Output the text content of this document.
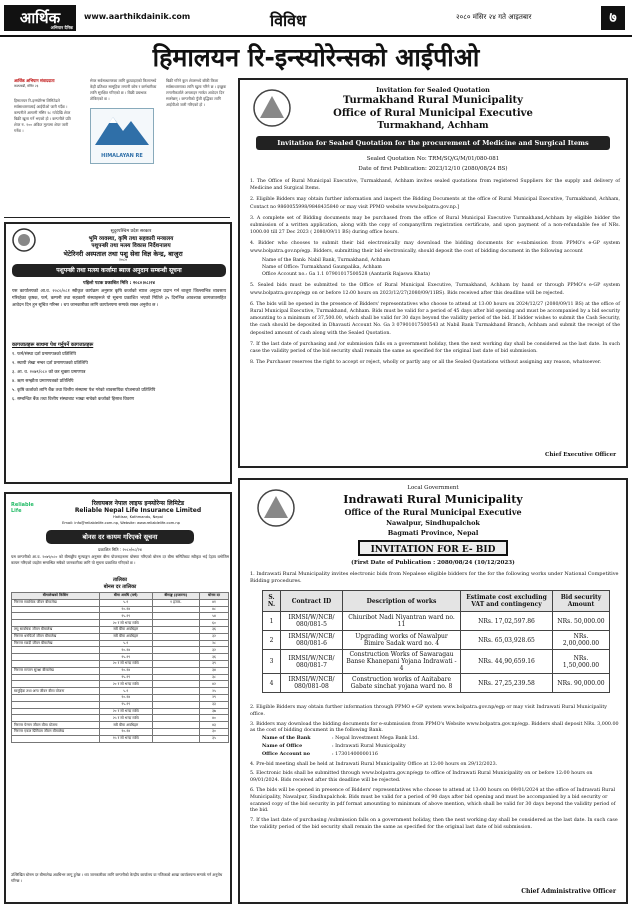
आर्थिक
अभियान दैनिक
www.aarthikdainik.com	विविध	२०८० मंसिर २४ गते आइतबार	७
हिमालयन रि-इन्स्योरेन्सको आईपीओ
आर्थिक अभियान संवाददाता
काठमाडौं, मंसिर २३
हिमालयन रि-इन्स्योरेन्स लिमिटेडले सर्वसाधारणलाई आईपीओ जारी गर्दैछ । कम्पनीले आगामी मंसिर २८ गतेदेखि शेयर बिक्री खुला गर्ने भएको हो । कम्पनीले प्रति शेयर रु. १०० अंकित मूल्यमा शेयर जारी गर्नेछ ।
सेयर सर्वसाधारणका लागि छुट्याइएको कित्तामध्ये केही प्रतिशत सामूहिक लगानी कोष र कर्मचारीका लागि सुरक्षित गरिएको छ । बिक्री प्रबन्धक तोकिएको छ ।
HIMALAYAN RE
बिक्री गरिने कुल शेयरमध्ये बाँकी कित्ता सर्वसाधारणका लागि खुला गरिने छ । इच्छुक लगानीकर्ताले अनलाइन मार्फत आवेदन दिन सक्नेछन् । कम्पनीको पुँजी वृद्धिका लागि आईपीओ जारी गरिएको हो ।
सुदुरपश्चिम प्रदेश सरकार
भूमि व्यवस्था, कृषि तथा सहकारी मन्त्रालय
पशुपन्छी तथा मत्स्य विकास निर्देशनालय
भेटेरिनरी अस्पताल तथा पशु सेवा विज्ञ केन्द्र, बाजुरा
२०८०
पशुपन्छी तथा मत्स्य कर्जामा ब्याज अनुदान सम्बन्धी सूचना
पहिलो पटक प्रकाशित मिति : २०८०।०८।२४
यस कार्यालयको आ.व. २०८०/०८१ स्वीकृत कार्यक्रम अनुसार कृषि कर्जाको ब्याज अनुदान प्रदान गर्न बाजुरा जिल्लाभित्र व्यवसाय गरिरहेका कृषक, फर्म, कम्पनी तथा सहकारी संस्थाहरूले यो सूचना प्रकाशित भएको मितिले ३५ दिनभित्र आवश्यक कागजातसहित आवेदन दिन हुन सूचित गरिन्छ । थप जानकारीका लागि कार्यालयमा सम्पर्क राख्न अनुरोध छ ।
कागजातहरू साथमा पेश गर्नुपर्ने कागजातहरू
१. फर्म/संस्था दर्ता प्रमाणपत्रको प्रतिलिपि
२. स्थायी लेखा नम्बर दर्ता प्रमाणपत्रको प्रतिलिपि
३. आ. व. २०७९/०८० को कर चुक्ता प्रमाणपत्र
४. ऋण सम्झौता प्रमाणपत्रको प्रतिलिपि
५. कृषि कर्जाको लागि बैंक तथा वित्तीय संस्थामा पेश गरेको व्यवसायिक योजनाको प्रतिलिपि
६. सम्बन्धित बैंक तथा वित्तीय संस्थाबाट भाखा नाघेको कर्जाको हिसाब विवरण
Reliable Life
रिलायबल नेपाल लाइफ इन्स्योरेन्स लिमिटेड
Reliable Nepal Life Insurance Limited
Hattisar, Kathmandu, Nepal
Email: info@reliablelife.com.np, Website: www.reliablelife.com.np
बोनस दर कायम गरिएको सूचना
प्रकाशित मिति : २०८०/०८/२४
यस कम्पनीको आ.व. २०७९/०८० को बीमाङ्कीय मूल्याङ्कन अनुसार बीमा योजनाहरूमा घोषणा गरिएको बोनस दर बीमा समितिबाट स्वीकृत भई देहाय बमोजिम कायम गरिएको व्यहोरा सम्बन्धित सबैको जानकारीका लागि यो सूचना प्रकाशित गरिएको छ ।
तालिका
बोनस दर तालिका
बीमालेखको किसिम	बीमा अवधि (वर्ष)	बीमाङ्क (हजारमा)	बोनस दर
निरन्तर सावधिक जीवन बीमालेख	५-९	१ हजार-	४१
	१०-१४		४८
	१५-१९		५४
	२० र सो भन्दा माथि		६०
लघु सावधिक जीवन बीमालेख	सबै बीमा अवधिहरु		३६
निरन्तर धनफिर्ता जीवन बीमालेख	सबै बीमा अवधिहरु		३२
निरन्तर म्यादी जीवन बीमालेख	५-९		२८
	१०-१४		३२
	१५-१९		३६
	२० र सो भन्दा माथि		३९
निरन्तर सन्तान सुरक्षा बीमालेख	१०-१४		३४
	१५-१९		३८
	२० र सो भन्दा माथि		४२
सामूहिक तथा अन्य जीवन बीमा योजना	५-९		२५
	१०-१४		२९
	१५-१९		३३
	२० र सो भन्दा माथि		३७
	२५ र सो भन्दा माथि		४०
निरन्तर पेन्सन जीवन बीमा योजना	सबै बीमा अवधिहरु		४३
निरन्तर एकल प्रिमियम जीवन बीमालेख	१०-१४		३०
	१५ र सो भन्दा माथि		३५
उल्लिखित बोनस दर बीमालेख अवधिभर लागू हुनेछ । थप जानकारीका लागि कम्पनीको केन्द्रीय कार्यालय वा नजिकको शाखा कार्यालयमा सम्पर्क गर्न अनुरोध गरिन्छ ।
Invitation for Sealed Quotation
Turmakhand Rural Municipality
Office of Rural Municipal Executive
Turmakhand, Achham
Invitation for Sealed Quotation for the procurement of Medicine and Surgical Items
Sealed Quotation No: TRM/SQ/G/M/01/080-081
Date of first Publication: 2023/12/10 (2080/08/24 BS)

1. The Office of Rural Municipal Executive, Turmakhand, Achham invites sealed quotations from registered Suppliers for the supply and delivery of Medicine and Surgical Items.

2. Eligible Bidders may obtain further information and inspect the Bidding Documents at the office of Rural Municipal Executive, Turmakhand, Achham, Contact no 9860055998/9848435840 or may visit PPMO website www.bolpatra.gov.np.]

3. A complete set of Bidding documents may be purchased from the office of Rural Municipal Executive Turmakhand,Achham by eligible bidder the submission of a written application, along with the copy of company/firm registration certificate, and upon payment of a non-refundable fee of NRs. 1000.00 till 27 Dec 2023 ( 2080/09/11 BS) during office hours.

4. Bidder who chooses to submit their bid electronically may download the bidding documents for e-submission from PPMO's e-GP system www.bolpatra.gov.np/egp. Bidders, submitting their bid electronically, should deposit the cost of bidding document in the following account

Name of the Bank: Nabil Bank, Turmakhand, Achham

Name of Office: Turmakhand Gaunpalika, Achham

Office Account no.: Ga 1.1 07901017500528 (Aantarik Rajaswa Khata)

5. Sealed bids must be submitted to the Office of Rural Municipal Executive, Turmakhand, Achham by hand or through PPMO's e-GP system www.bolpatra.gov.np/egp on or before 12:00 hours on 2023/12/27(2080/09/11BS). Bids received after this deadline will be rejected.

6. The bids will be opened in the presence of Bidders' representatives who choose to attend at 13:00 hours on 2024/12/27 (2080/09/11 BS) at the office of Rural Municipal Executive, Turmakhand, Achham. Bids must be valid for a period of 45 days after bid opening and must be accompanied by a bid security amounting to a minimum of 37,500.00, which shall be valid for 30 days beyond the validity period of the bid. If bidder wishes to submit the Cash Security, the cash should be deposited in Dhavauti Account No. Ga 3 07901017500543 at Nabil Bank Turmakhand Branch, Achham and submit the receipt of the deposited amount of cash along with the Sealed Quotation.

7. If the last date of purchasing and /or submission falls on a government holiday, then the next working day shall be considered as the last date. In such case the validity period of the bid security shall remain the same as specified for the original last date of bid submission.

8. The Purchaser reserves the right to accept or reject, wholly or partly any or all the Sealed Quotations without assigning any reason, whatsoever.

Chief Executive Officer
Local Government
Indrawati Rural Municipality
Office of the Rural Municipal Executive
Nawalpur, Sindhupalchok
Bagmati Province, Nepal
INVITATION FOR E- BID
(First Date of Publication : 2080/08/24 (10/12/2023)
1. Indrawati Rural Municipality invites electronic bids from Nepalese eligible bidders for the for the following works under National Competitive Bidding procedures.
S. N.	Contract ID	Description of works	Estimate cost excluding VAT and contingency	Bid security Amount
1	IRMSI/W/NCB/ 080/081-5	Chiuribot Nadi Niyantran ward no. 11	NRs. 17,02,597.86	NRs. 50,000.00
2	IRMSI/W/NCB/ 080/081-6	Upgrading works of Nawalpur Bimire Sadak ward no. 4	NRs. 65,03,928.65	NRs. 2,00,000.00
3	IRMSI/W/NCB/ 080/081-7	Construction Works of Sawaragau Banse Khanepani Yojana Indrawati - 4	NRs. 44,90,659.16	NRs. 1,50,000.00
4	IRMSI/W/NCB/ 080/081-08	Construction works of Aaitabare Gabate sinchat yojana ward no. 8	NRs. 27,25,239.58	NRs. 90,000.00

2. Eligible Bidders may obtain further information through PPMO e-GP system www.bolpatra.gov.np/egp or may visit Indrawati Rural Municipality office.

3. Bidders may download the bidding documents for e-submission from PPMO's Website www.bolpatra.gov.np/egp. Bidders shall deposit NRs. 3,000.00 as the cost of bidding document in the following Bank.

Name of the Bank	: Nepal Investment Mega Bank Ltd.
Name of Office	: Indrawati Rural Municipality
Office Account no	: 17301400000116

4. Pre-bid meeting shall be held at Indrawati Rural Municipality Office at 12:00 hours on 29/12/2023.

5. Electronic bids shall be submitted through www.bolpatra.gov.np/egp to office of Indrawati Rural Municipality on or before 12:00 hours on 09/01/2024. Bids received after this deadline will be rejected.

6. The bids will be opened in presence of Bidders' representatives who choose to attend at 13:00 hours on 09/01/2024 at the office of Indrawati Rural Municipality, Nawalpur, Sindhupalchok. Bids must be valid for a period of 90 days after bid opening and must be accompanied by a bid security or scanned copy of the bid security in pdf format amounting to minimum of above mention, which shall be valid for 30 days beyond the validity period of the bid.

7. If the last date of purchasing /submission falls on a government holiday, then the next working day shall be considered as the last date. In such case the validity period of the bid security shall remain the same as specified for the original last date of bid submission.

Chief Administrative Officer
